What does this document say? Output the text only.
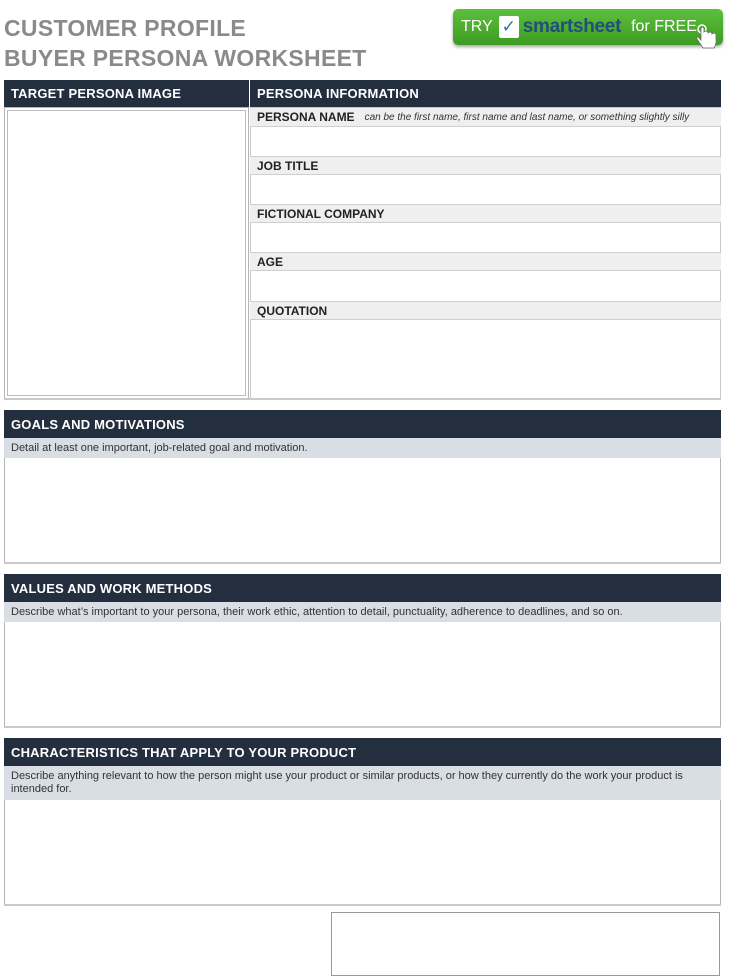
CUSTOMER PROFILE
BUYER PERSONA WORKSHEET
TRY ✓ smartsheet for FREE
TARGET PERSONA IMAGE	PERSONA INFORMATION
PERSONA NAME can be the first name, first name and last name, or something slightly silly
JOB TITLE
FICTIONAL COMPANY
AGE
QUOTATION
GOALS AND MOTIVATIONS
Detail at least one important, job-related goal and motivation.
VALUES AND WORK METHODS
Describe what’s important to your persona, their work ethic, attention to detail, punctuality, adherence to deadlines, and so on.
CHARACTERISTICS THAT APPLY TO YOUR PRODUCT
Describe anything relevant to how the person might use your product or similar products, or how they currently do the work your product is intended for.
